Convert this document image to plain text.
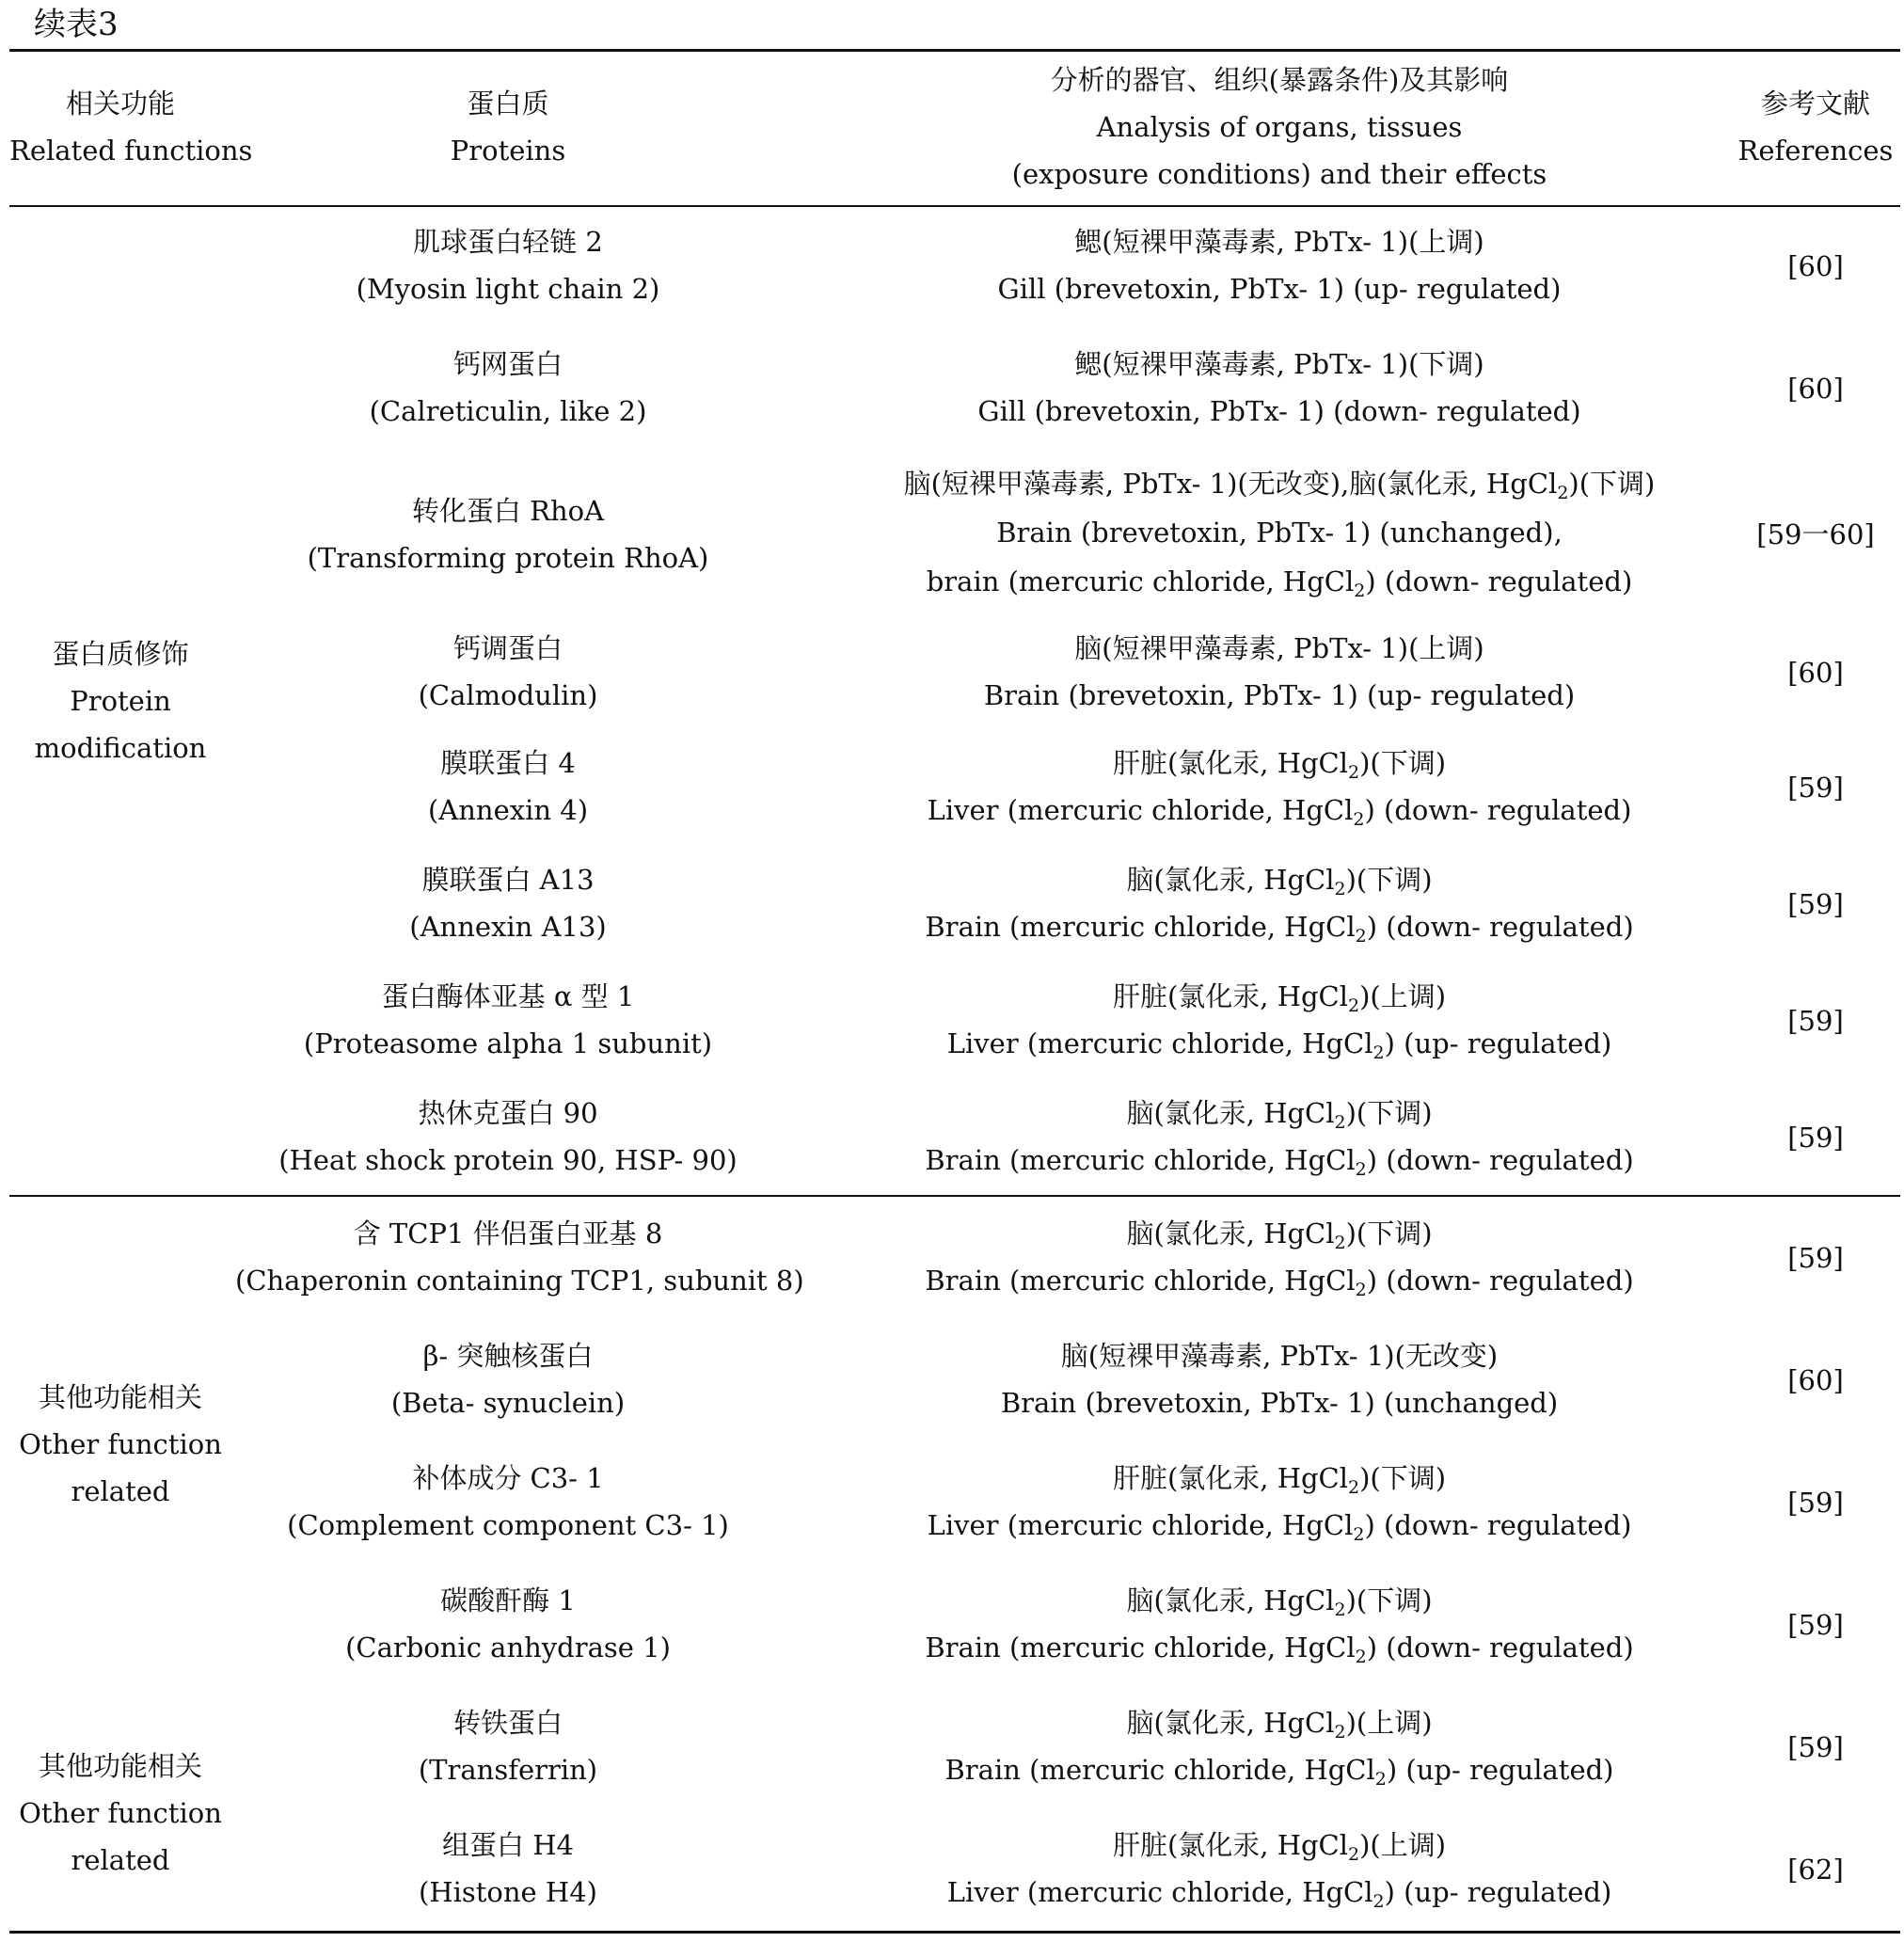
续表3
相关功能
Related functions
蛋白质
Proteins
分析的器官、组织(暴露条件)及其影响
Analysis of organs, tissues
(exposure conditions) and their effects
参考文献
References
蛋白质修饰
Protein
modification
其他功能相关
Other function
related
其他功能相关
Other function
related
肌球蛋白轻链 2
(Myosin light chain 2)
鳃(短裸甲藻毒素, PbTx- 1)(上调)
Gill (brevetoxin, PbTx- 1) (up- regulated)
[60]
钙网蛋白
(Calreticulin, like 2)
鳃(短裸甲藻毒素, PbTx- 1)(下调)
Gill (brevetoxin, PbTx- 1) (down- regulated)
[60]
转化蛋白 RhoA
(Transforming protein RhoA)
脑(短裸甲藻毒素, PbTx- 1)(无改变),脑(氯化汞, HgCl$_2$)(下调)
Brain (brevetoxin, PbTx- 1) (unchanged),
brain (mercuric chloride, HgCl$_2$) (down- regulated)
[59一60]
钙调蛋白
(Calmodulin)
脑(短裸甲藻毒素, PbTx- 1)(上调)
Brain (brevetoxin, PbTx- 1) (up- regulated)
[60]
膜联蛋白 4
(Annexin 4)
肝脏(氯化汞, HgCl$_2$)(下调)
Liver (mercuric chloride, HgCl$_2$) (down- regulated)
[59]
膜联蛋白 A13
(Annexin A13)
脑(氯化汞, HgCl$_2$)(下调)
Brain (mercuric chloride, HgCl$_2$) (down- regulated)
[59]
蛋白酶体亚基 α 型 1
(Proteasome alpha 1 subunit)
肝脏(氯化汞, HgCl$_2$)(上调)
Liver (mercuric chloride, HgCl$_2$) (up- regulated)
[59]
热休克蛋白 90
(Heat shock protein 90, HSP- 90)
脑(氯化汞, HgCl$_2$)(下调)
Brain (mercuric chloride, HgCl$_2$) (down- regulated)
[59]
含 TCP1 伴侣蛋白亚基 8
(Chaperonin containing TCP1, subunit 8)
脑(氯化汞, HgCl$_2$)(下调)
Brain (mercuric chloride, HgCl$_2$) (down- regulated)
[59]
β- 突触核蛋白
(Beta- synuclein)
脑(短裸甲藻毒素, PbTx- 1)(无改变)
Brain (brevetoxin, PbTx- 1) (unchanged)
[60]
补体成分 C3- 1
(Complement component C3- 1)
肝脏(氯化汞, HgCl$_2$)(下调)
Liver (mercuric chloride, HgCl$_2$) (down- regulated)
[59]
碳酸酐酶 1
(Carbonic anhydrase 1)
脑(氯化汞, HgCl$_2$)(下调)
Brain (mercuric chloride, HgCl$_2$) (down- regulated)
[59]
转铁蛋白
(Transferrin)
脑(氯化汞, HgCl$_2$)(上调)
Brain (mercuric chloride, HgCl$_2$) (up- regulated)
[59]
组蛋白 H4
(Histone H4)
肝脏(氯化汞, HgCl$_2$)(上调)
Liver (mercuric chloride, HgCl$_2$) (up- regulated)
[62]
